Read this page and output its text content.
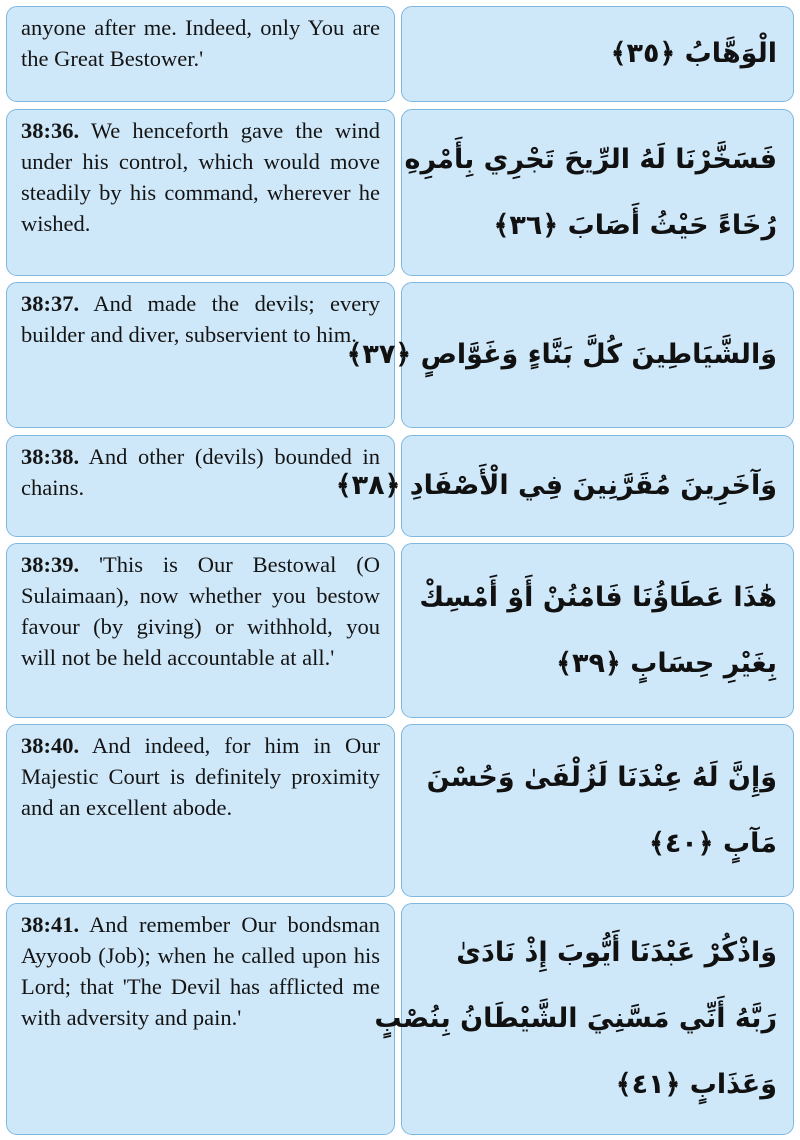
anyone after me. Indeed, only You are the Great Bestower.'	الْوَهَّابُ ﴿٣٥﴾

38:36. We henceforth gave the wind under his control, which would move steadily by his command, wherever he wished.

فَسَخَّرْنَا لَهُ الرِّيحَ تَجْرِي بِأَمْرِهِ
رُخَاءً حَيْثُ أَصَابَ ﴿٣٦﴾

38:37. And made the devils; every builder and diver, subservient to him.

وَالشَّيَاطِينَ كُلَّ بَنَّاءٍ وَغَوَّاصٍ ﴿٣٧﴾

38:38. And other (devils) bounded in chains.	وَآخَرِينَ مُقَرَّنِينَ فِي الْأَصْفَادِ ﴿٣٨﴾

38:39. 'This is Our Bestowal (O Sulaimaan), now whether you bestow favour (by giving) or withhold, you will not be held accountable at all.'

هَٰذَا عَطَاؤُنَا فَامْنُنْ أَوْ أَمْسِكْ
بِغَيْرِ حِسَابٍ ﴿٣٩﴾

38:40. And indeed, for him in Our Majestic Court is definitely proximity and an excellent abode.

وَإِنَّ لَهُ عِنْدَنَا لَزُلْفَىٰ وَحُسْنَ
مَآبٍ ﴿٤٠﴾

38:41. And remember Our bondsman Ayyoob (Job); when he called upon his Lord; that 'The Devil has afflicted me with adversity and pain.'

وَاذْكُرْ عَبْدَنَا أَيُّوبَ إِذْ نَادَىٰ
رَبَّهُ أَنِّي مَسَّنِيَ الشَّيْطَانُ بِنُصْبٍ
وَعَذَابٍ ﴿٤١﴾
